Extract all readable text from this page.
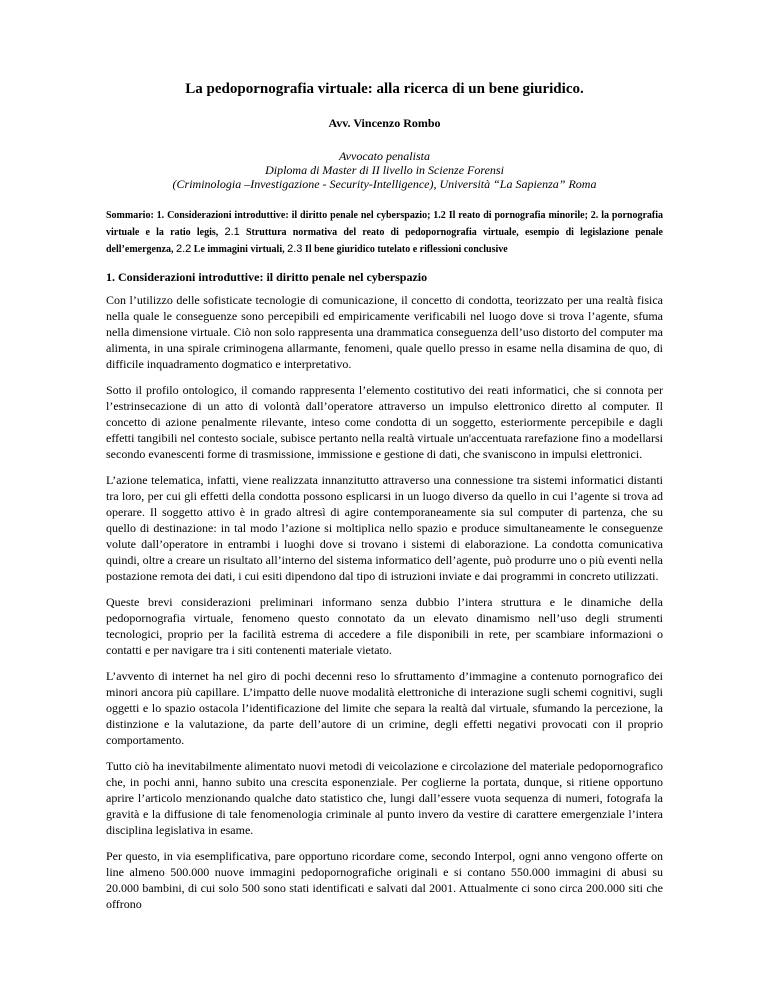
La pedopornografia virtuale: alla ricerca di un bene giuridico.
Avv. Vincenzo Rombo
Avvocato penalista
Diploma di Master di II livello in Scienze Forensi
(Criminologia –Investigazione - Security-Intelligence), Università “La Sapienza” Roma
Sommario: 1. Considerazioni introduttive: il diritto penale nel cyberspazio; 1.2 Il reato di pornografia minorile; 2. la pornografia virtuale e la ratio legis, 2.1 Struttura normativa del reato di pedopornografia virtuale, esempio di legislazione penale dell’emergenza, 2.2 Le immagini virtuali, 2.3 Il bene giuridico tutelato e riflessioni conclusive
1. Considerazioni introduttive: il diritto penale nel cyberspazio

Con l’utilizzo delle sofisticate tecnologie di comunicazione, il concetto di condotta, teorizzato per una realtà fisica nella quale le conseguenze sono percepibili ed empiricamente verificabili nel luogo dove si trova l’agente, sfuma nella dimensione virtuale. Ciò non solo rappresenta una drammatica conseguenza dell’uso distorto del computer ma alimenta, in una spirale criminogena allarmante, fenomeni, quale quello presso in esame nella disamina de quo, di difficile inquadramento dogmatico e interpretativo.

Sotto il profilo ontologico, il comando rappresenta l’elemento costitutivo dei reati informatici, che si connota per l’estrinsecazione di un atto di volontà dall’operatore attraverso un impulso elettronico diretto al computer. Il concetto di azione penalmente rilevante, inteso come condotta di un soggetto, esteriormente percepibile e dagli effetti tangibili nel contesto sociale, subisce pertanto nella realtà virtuale un'accentuata rarefazione fino a modellarsi secondo evanescenti forme di trasmissione, immissione e gestione di dati, che svaniscono in impulsi elettronici.

L’azione telematica, infatti, viene realizzata innanzitutto attraverso una connessione tra sistemi informatici distanti tra loro, per cui gli effetti della condotta possono esplicarsi in un luogo diverso da quello in cui l’agente si trova ad operare. Il soggetto attivo è in grado altresì di agire contemporaneamente sia sul computer di partenza, che su quello di destinazione: in tal modo l’azione si moltiplica nello spazio e produce simultaneamente le conseguenze volute dall’operatore in entrambi i luoghi dove si trovano i sistemi di elaborazione. La condotta comunicativa quindi, oltre a creare un risultato all’interno del sistema informatico dell’agente, può produrre uno o più eventi nella postazione remota dei dati, i cui esiti dipendono dal tipo di istruzioni inviate e dai programmi in concreto utilizzati.

Queste brevi considerazioni preliminari informano senza dubbio l’intera struttura e le dinamiche della pedopornografia virtuale, fenomeno questo connotato da un elevato dinamismo nell’uso degli strumenti tecnologici, proprio per la facilità estrema di accedere a file disponibili in rete, per scambiare informazioni o contatti e per navigare tra i siti contenenti materiale vietato.

L’avvento di internet ha nel giro di pochi decenni reso lo sfruttamento d’immagine a contenuto pornografico dei minori ancora più capillare. L’impatto delle nuove modalità elettroniche di interazione sugli schemi cognitivi, sugli oggetti e lo spazio ostacola l’identificazione del limite che separa la realtà dal virtuale, sfumando la percezione, la distinzione e la valutazione, da parte dell’autore di un crimine, degli effetti negativi provocati con il proprio comportamento.

Tutto ciò ha inevitabilmente alimentato nuovi metodi di veicolazione e circolazione del materiale pedopornografico che, in pochi anni, hanno subito una crescita esponenziale. Per coglierne la portata, dunque, si ritiene opportuno aprire l’articolo menzionando qualche dato statistico che, lungi dall’essere vuota sequenza di numeri, fotografa la gravità e la diffusione di tale fenomenologia criminale al punto invero da vestire di carattere emergenziale l’intera disciplina legislativa in esame.

Per questo, in via esemplificativa, pare opportuno ricordare come, secondo Interpol, ogni anno vengono offerte on line almeno 500.000 nuove immagini pedopornografiche originali e si contano 550.000 immagini di abusi su 20.000 bambini, di cui solo 500 sono stati identificati e salvati dal 2001. Attualmente ci sono circa 200.000 siti che offrono
